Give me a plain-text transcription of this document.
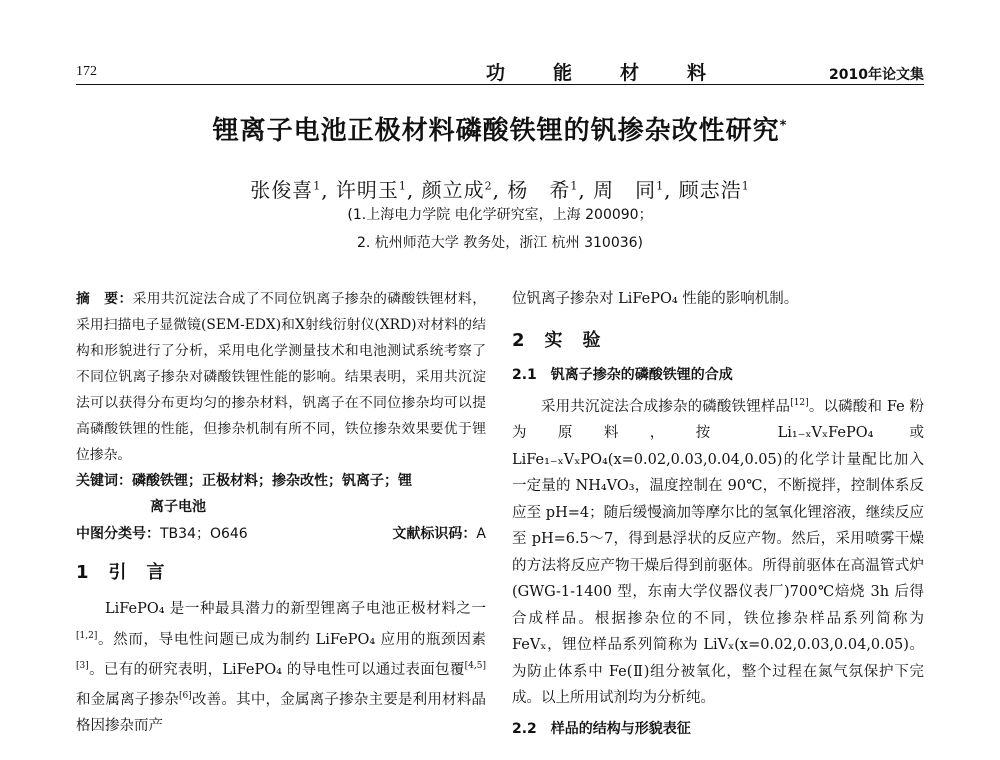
172	功能材料	2010年论文集
锂离子电池正极材料磷酸铁锂的钒掺杂改性研究*
张俊喜$^1$, 许明玉$^1$, 颜立成$^2$, 杨　希$^1$, 周　同$^1$, 顾志浩$^1$
(1.上海电力学院 电化学研究室，上海 200090；
2. 杭州师范大学 教务处，浙江 杭州 310036)
摘　要：采用共沉淀法合成了不同位钒离子掺杂的磷酸铁锂材料，采用扫描电子显微镜(SEM-EDX)和X射线衍射仪(XRD)对材料的结构和形貌进行了分析，采用电化学测量技术和电池测试系统考察了不同位钒离子掺杂对磷酸铁锂性能的影响。结果表明，采用共沉淀法可以获得分布更均匀的掺杂材料，钒离子在不同位掺杂均可以提高磷酸铁锂的性能，但掺杂机制有所不同，铁位掺杂效果要优于锂位掺杂。
关键词：磷酸铁锂；正极材料；掺杂改性；钒离子；锂
离子电池
中图分类号：TB34；O646	文献标识码：A
1　引　言
LiFePO₄ 是一种最具潜力的新型锂离子电池正极材料之一[1,2]。然而，导电性问题已成为制约 LiFePO₄ 应用的瓶颈因素[3]。已有的研究表明，LiFePO₄ 的导电性可以通过表面包覆[4,5]和金属离子掺杂[6]改善。其中，金属离子掺杂主要是利用材料晶格因掺杂而产
位钒离子掺杂对 LiFePO₄ 性能的影响机制。
2　实　验
2.1　钒离子掺杂的磷酸铁锂的合成
采用共沉淀法合成掺杂的磷酸铁锂样品[12]。以磷酸和 Fe 粉为原料，按 Li₁₋ₓVₓFePO₄ 或 LiFe₁₋ₓVₓPO₄(x=0.02,0.03,0.04,0.05)的化学计量配比加入一定量的 NH₄VO₃，温度控制在 90℃，不断搅拌，控制体系反应至 pH=4；随后缓慢滴加等摩尔比的氢氧化锂溶液，继续反应至 pH=6.5～7，得到悬浮状的反应产物。然后，采用喷雾干燥的方法将反应产物干燥后得到前驱体。所得前驱体在高温管式炉(GWG-1-1400 型，东南大学仪器仪表厂)700℃焙烧 3h 后得合成样品。根据掺杂位的不同，铁位掺杂样品系列简称为 FeVₓ，锂位样品系列简称为 LiVₓ(x=0.02,0.03,0.04,0.05)。为防止体系中 Fe(Ⅱ)组分被氧化，整个过程在氮气氛保护下完成。以上所用试剂均为分析纯。
2.2　样品的结构与形貌表征
